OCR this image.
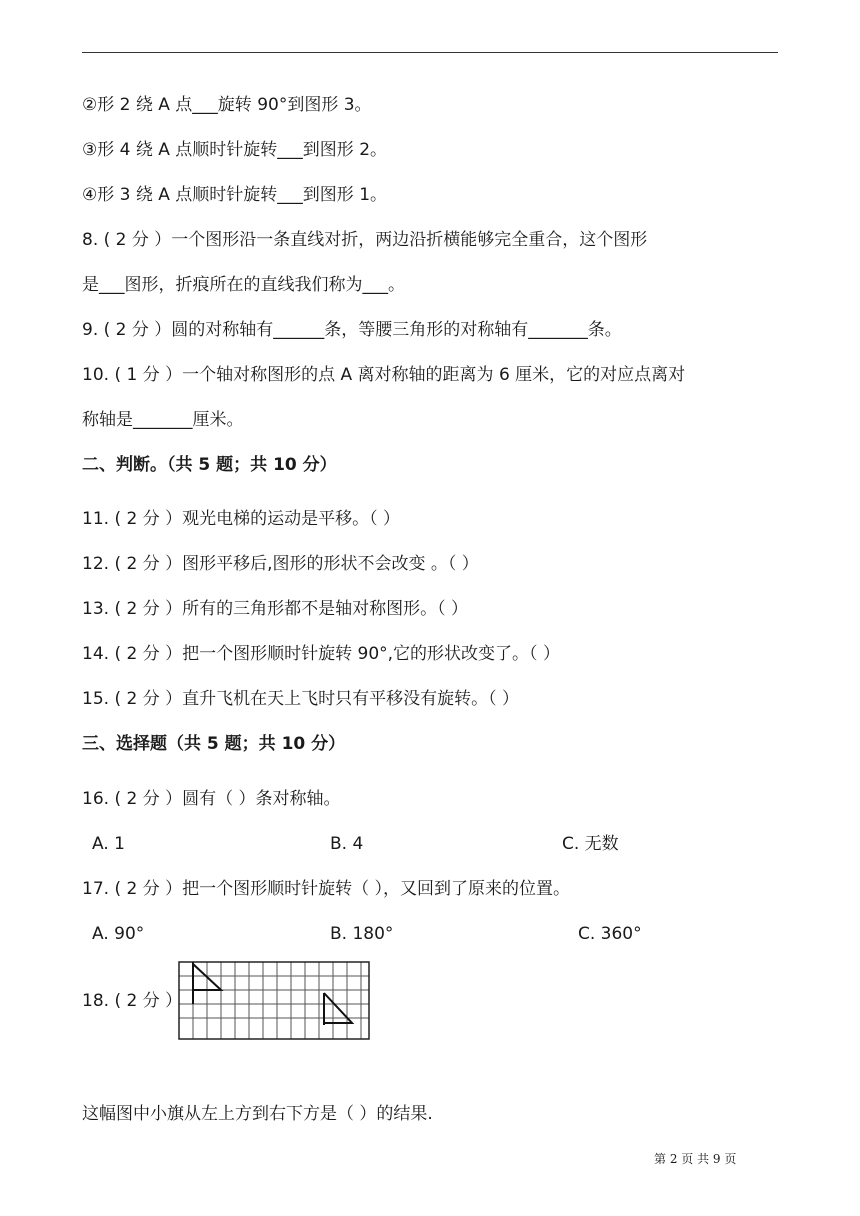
②形 2 绕 A 点___旋转 90°到图形 3。
③形 4 绕 A 点顺时针旋转___到图形 2。
④形 3 绕 A 点顺时针旋转___到图形 1。
8. ( 2 分 ）一个图形沿一条直线对折，两边沿折横能够完全重合，这个图形
是___图形，折痕所在的直线我们称为___。
9. ( 2 分 ）圆的对称轴有______条，等腰三角形的对称轴有_______条。
10. ( 1 分 ）一个轴对称图形的点 A 离对称轴的距离为 6 厘米，它的对应点离对
称轴是_______厘米。
二、判断。（共 5 题；共 10 分）
11. ( 2 分 ）观光电梯的运动是平移。（ ）
12. ( 2 分 ）图形平移后,图形的形状不会改变 。（ ）
13. ( 2 分 ）所有的三角形都不是轴对称图形。（ ）
14. ( 2 分 ）把一个图形顺时针旋转 90°,它的形状改变了。（ ）
15. ( 2 分 ）直升飞机在天上飞时只有平移没有旋转。（ ）
三、选择题（共 5 题；共 10 分）
16. ( 2 分 ）圆有（ ）条对称轴。
A. 1	B. 4	C. 无数
17. ( 2 分 ）把一个图形顺时针旋转（ ），又回到了原来的位置。
A. 90°	B. 180°	C. 360°
18. ( 2 分 ）
这幅图中小旗从左上方到右下方是（ ）的结果.
第 2 页 共 9 页
